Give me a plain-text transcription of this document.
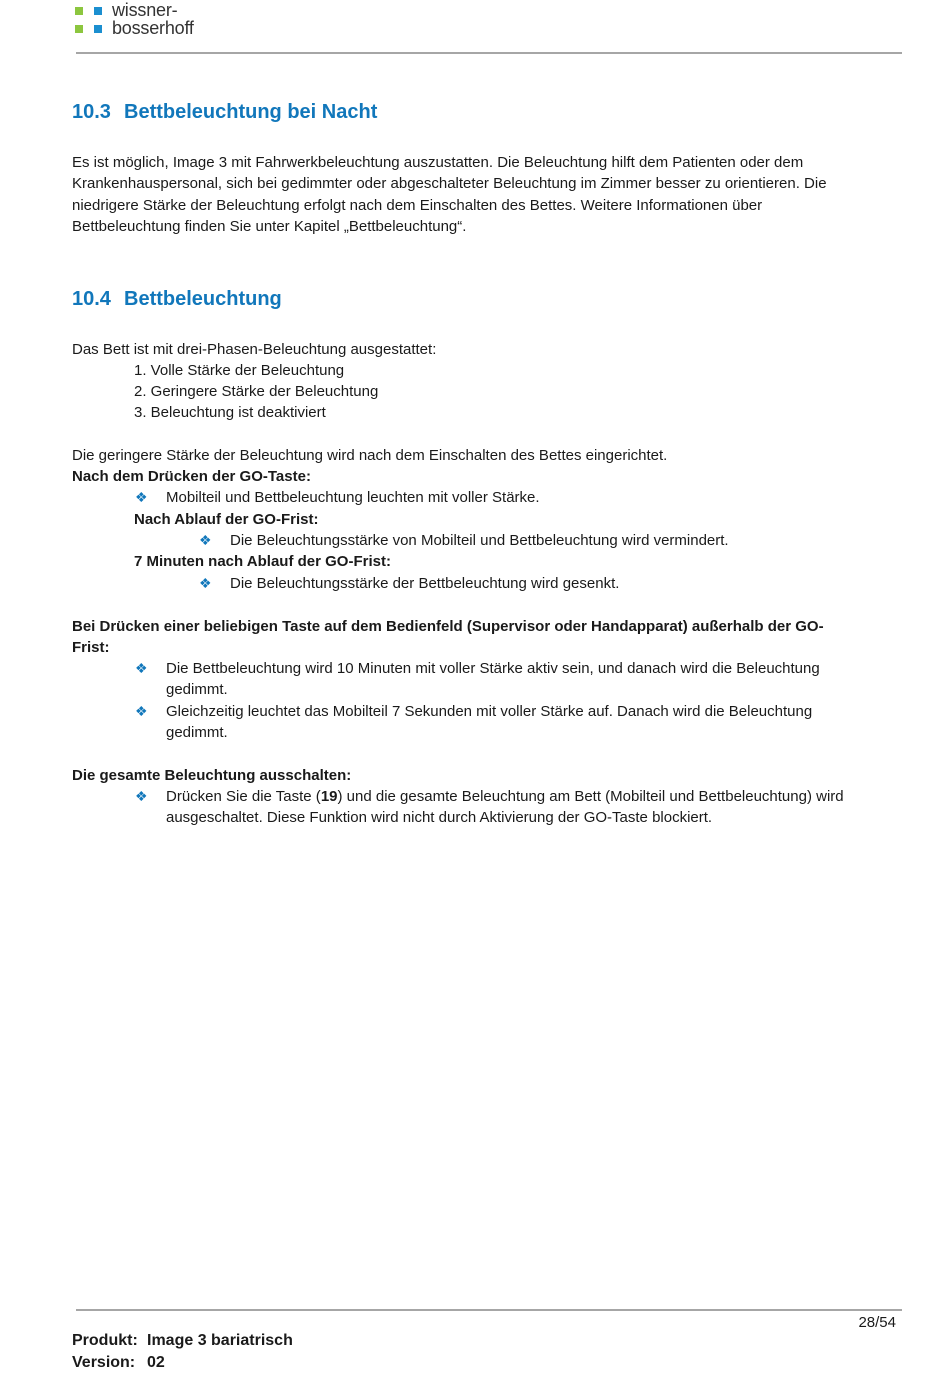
wissner-
bosserhoff
10.3 Bettbeleuchtung bei Nacht
Es ist möglich, Image 3 mit Fahrwerkbeleuchtung auszustatten. Die Beleuchtung hilft dem Patienten oder dem
Krankenhauspersonal, sich bei gedimmter oder abgeschalteter Beleuchtung im Zimmer besser zu orientieren. Die
niedrigere Stärke der Beleuchtung erfolgt nach dem Einschalten des Bettes. Weitere Informationen über
Bettbeleuchtung finden Sie unter Kapitel „Bettbeleuchtung“.
10.4 Bettbeleuchtung
Das Bett ist mit drei-Phasen-Beleuchtung ausgestattet:
1. Volle Stärke der Beleuchtung
2. Geringere Stärke der Beleuchtung
3. Beleuchtung ist deaktiviert
Die geringere Stärke der Beleuchtung wird nach dem Einschalten des Bettes eingerichtet.
Nach dem Drücken der GO-Taste:
❖ Mobilteil und Bettbeleuchtung leuchten mit voller Stärke.
Nach Ablauf der GO-Frist:
❖ Die Beleuchtungsstärke von Mobilteil und Bettbeleuchtung wird vermindert.
7 Minuten nach Ablauf der GO-Frist:
❖ Die Beleuchtungsstärke der Bettbeleuchtung wird gesenkt.
Bei Drücken einer beliebigen Taste auf dem Bedienfeld (Supervisor oder Handapparat) außerhalb der GO-
Frist:
❖ Die Bettbeleuchtung wird 10 Minuten mit voller Stärke aktiv sein, und danach wird die Beleuchtung
gedimmt.
❖ Gleichzeitig leuchtet das Mobilteil 7 Sekunden mit voller Stärke auf. Danach wird die Beleuchtung
gedimmt.
Die gesamte Beleuchtung ausschalten:
❖ Drücken Sie die Taste (19) und die gesamte Beleuchtung am Bett (Mobilteil und Bettbeleuchtung) wird
ausgeschaltet. Diese Funktion wird nicht durch Aktivierung der GO-Taste blockiert.
28/54
Produkt: Image 3 bariatrisch
Version: 02
